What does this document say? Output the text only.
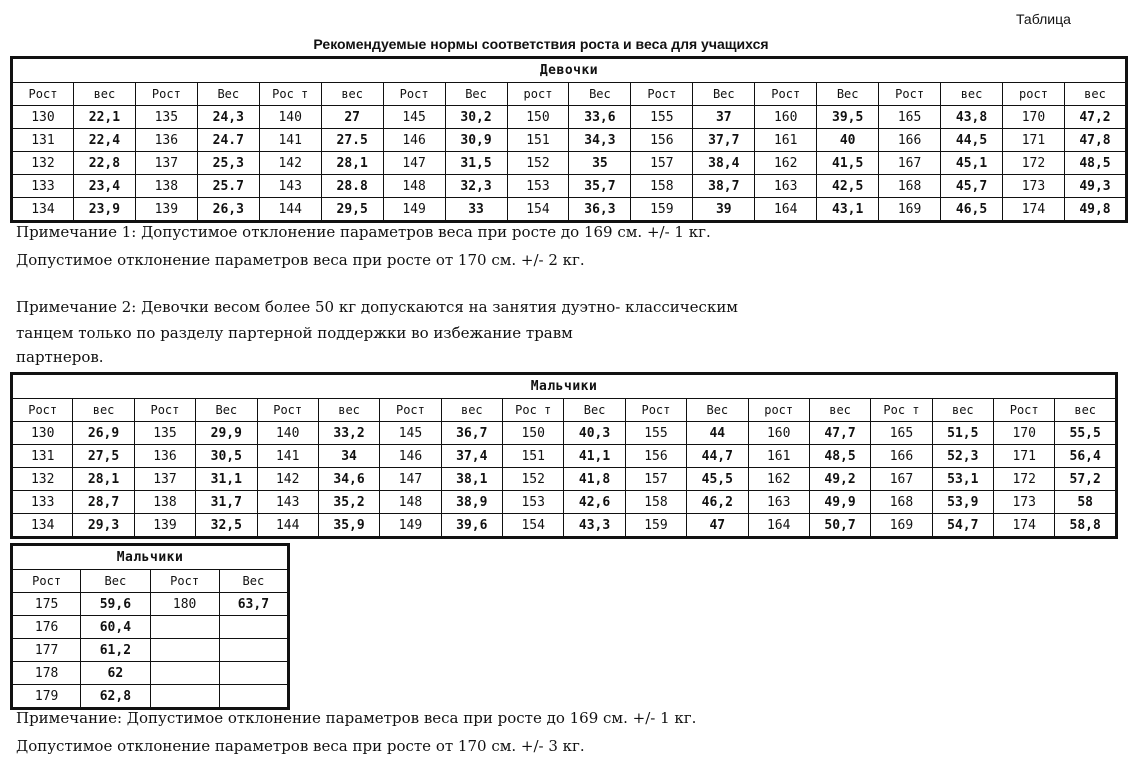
Таблица
Рекомендуемые нормы соответствия роста и веса для учащихся
Девочки																	
Рост	вес	Рост	Вес	Рос т	вес	Рост	Вес	рост	Вес	Рост	Вес	Рост	Вес	Рост	вес	рост	вес
130	22,1	135	24,3	140	27	145	30,2	150	33,6	155	37	160	39,5	165	43,8	170	47,2
131	22,4	136	24.7	141	27.5	146	30,9	151	34,3	156	37,7	161	40	166	44,5	171	47,8
132	22,8	137	25,3	142	28,1	147	31,5	152	35	157	38,4	162	41,5	167	45,1	172	48,5
133	23,4	138	25.7	143	28.8	148	32,3	153	35,7	158	38,7	163	42,5	168	45,7	173	49,3
134	23,9	139	26,3	144	29,5	149	33	154	36,3	159	39	164	43,1	169	46,5	174	49,8
Примечание 1: Допустимое отклонение параметров веса при росте до 169 см. +/- 1 кг.
Допустимое отклонение параметров веса при росте от 170 см. +/- 2 кг.
Примечание 2: Девочки весом более 50 кг допускаются на занятия дуэтно- классическим
танцем только по разделу партерной поддержки во избежание травм
партнеров.
Мальчики																	
Рост	вес	Рост	Вес	Рост	вес	Рост	вес	Рос т	Вес	Рост	Вес	рост	вес	Рос т	вес	Рост	вес
130	26,9	135	29,9	140	33,2	145	36,7	150	40,3	155	44	160	47,7	165	51,5	170	55,5
131	27,5	136	30,5	141	34	146	37,4	151	41,1	156	44,7	161	48,5	166	52,3	171	56,4
132	28,1	137	31,1	142	34,6	147	38,1	152	41,8	157	45,5	162	49,2	167	53,1	172	57,2
133	28,7	138	31,7	143	35,2	148	38,9	153	42,6	158	46,2	163	49,9	168	53,9	173	58
134	29,3	139	32,5	144	35,9	149	39,6	154	43,3	159	47	164	50,7	169	54,7	174	58,8
Мальчики			
Рост	Вес	Рост	Вес
175	59,6	180	63,7
176	60,4		
177	61,2		
178	62		
179	62,8		
Примечание: Допустимое отклонение параметров веса при росте до 169 см. +/- 1 кг.
Допустимое отклонение параметров веса при росте от 170 см. +/- 3 кг.
